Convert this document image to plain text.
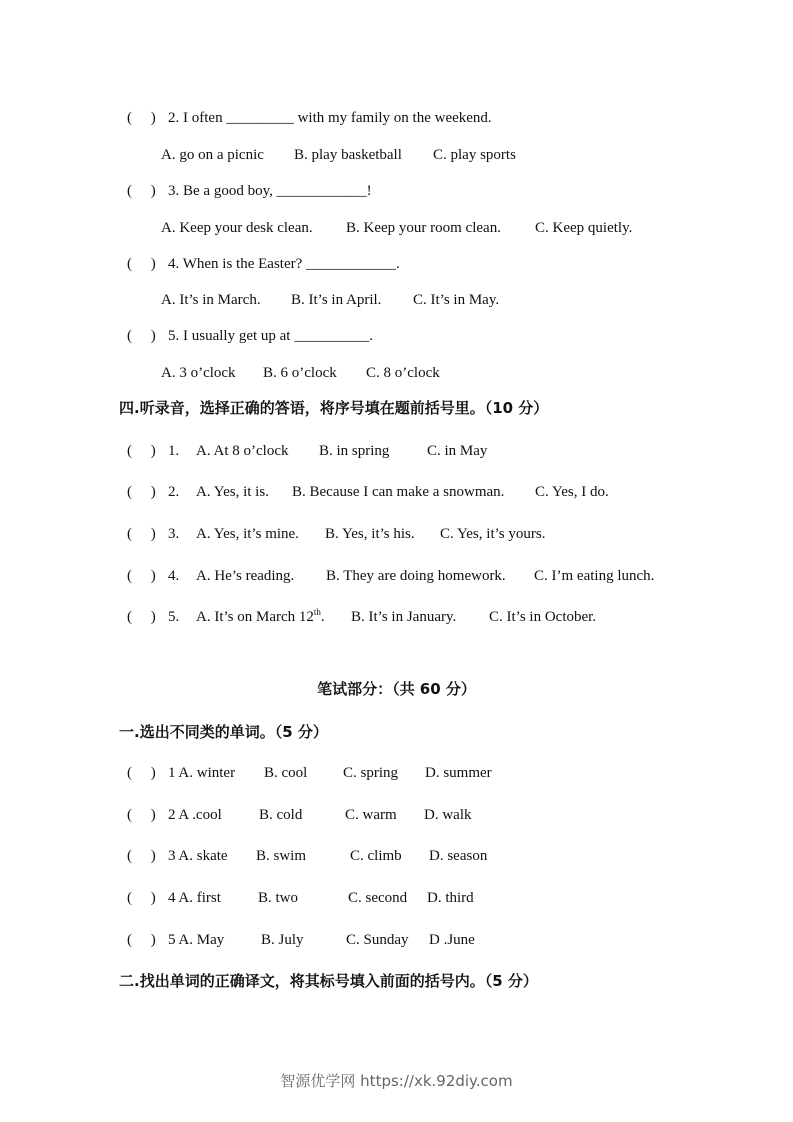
(     ) 2. I often _________ with my family on the weekend.
A. go on a picnic B. play basketball C. play sports
(     ) 3. Be a good boy, ____________!
A. Keep your desk clean. B. Keep your room clean. C. Keep quietly.
(     ) 4. When is the Easter? ____________.
A. It’s in March. B. It’s in April. C. It’s in May.
(     ) 5. I usually get up at __________.
A. 3 o’clock B. 6 o’clock C. 8 o’clock
四.听录音，选择正确的答语，将序号填在题前括号里。（10 分）
(     ) 1. A. At 8 o’clock B. in spring	C. in May
(     ) 2. A. Yes, it is. B. Because I can make a snowman. C. Yes, I do.
(     ) 3. A. Yes, it’s mine. B. Yes, it’s his. C. Yes, it’s yours.
(     ) 4. A. He’s reading. B. They are doing homework. C. I’m eating lunch.
(     ) 5. A. It’s on March 12th. B. It’s in January. C. It’s in October.
笔试部分：（共 60 分）
一.选出不同类的单词。（5 分）
(     ) 1 A. winter B. cool C. spring D. summer
(     ) 2 A .cool B. cold	C. warm D. walk
(     ) 3 A. skate B. swim	C. climb D. season
(     ) 4 A. first B. two	C. second D. third
(     ) 5 A. May B. July	C. Sunday D .June
二.找出单词的正确译文，将其标号填入前面的括号内。（5 分）
智源优学网 https://xk.92diy.com
